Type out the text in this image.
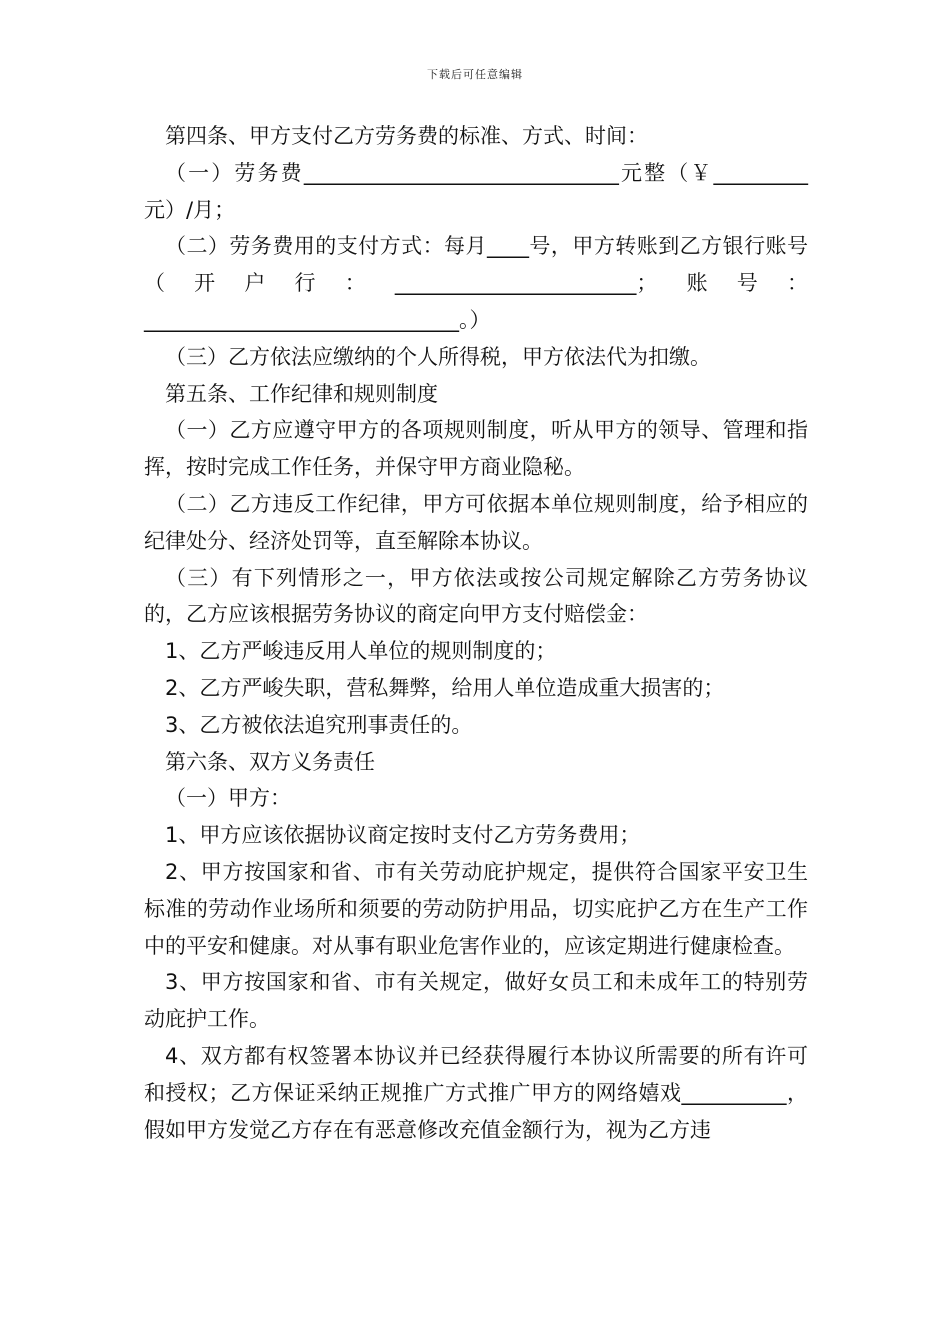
下载后可任意编辑

第四条、甲方支付乙方劳务费的标准、方式、时间：

（一）劳务费______________________________元整（￥_________元）/月；

（二）劳务费用的支付方式：每月____号，甲方转账到乙方银行账号（开户行：_______________________；账号：______________________________。）

（三）乙方依法应缴纳的个人所得税，甲方依法代为扣缴。

第五条、工作纪律和规则制度

（一）乙方应遵守甲方的各项规则制度，听从甲方的领导、管理和指挥，按时完成工作任务，并保守甲方商业隐秘。

（二）乙方违反工作纪律，甲方可依据本单位规则制度，给予相应的纪律处分、经济处罚等，直至解除本协议。

（三）有下列情形之一，甲方依法或按公司规定解除乙方劳务协议的，乙方应该根据劳务协议的商定向甲方支付赔偿金：

1、乙方严峻违反用人单位的规则制度的；

2、乙方严峻失职，营私舞弊，给用人单位造成重大损害的；

3、乙方被依法追究刑事责任的。

第六条、双方义务责任

（一）甲方：

1、甲方应该依据协议商定按时支付乙方劳务费用；

2、甲方按国家和省、市有关劳动庇护规定，提供符合国家平安卫生标准的劳动作业场所和须要的劳动防护用品，切实庇护乙方在生产工作中的平安和健康。对从事有职业危害作业的，应该定期进行健康检查。

3、甲方按国家和省、市有关规定，做好女员工和未成年工的特别劳动庇护工作。

4、双方都有权签署本协议并已经获得履行本协议所需要的所有许可和授权；乙方保证采纳正规推广方式推广甲方的网络嬉戏__________，假如甲方发觉乙方存在有恶意修改充值金额行为，视为乙方违
